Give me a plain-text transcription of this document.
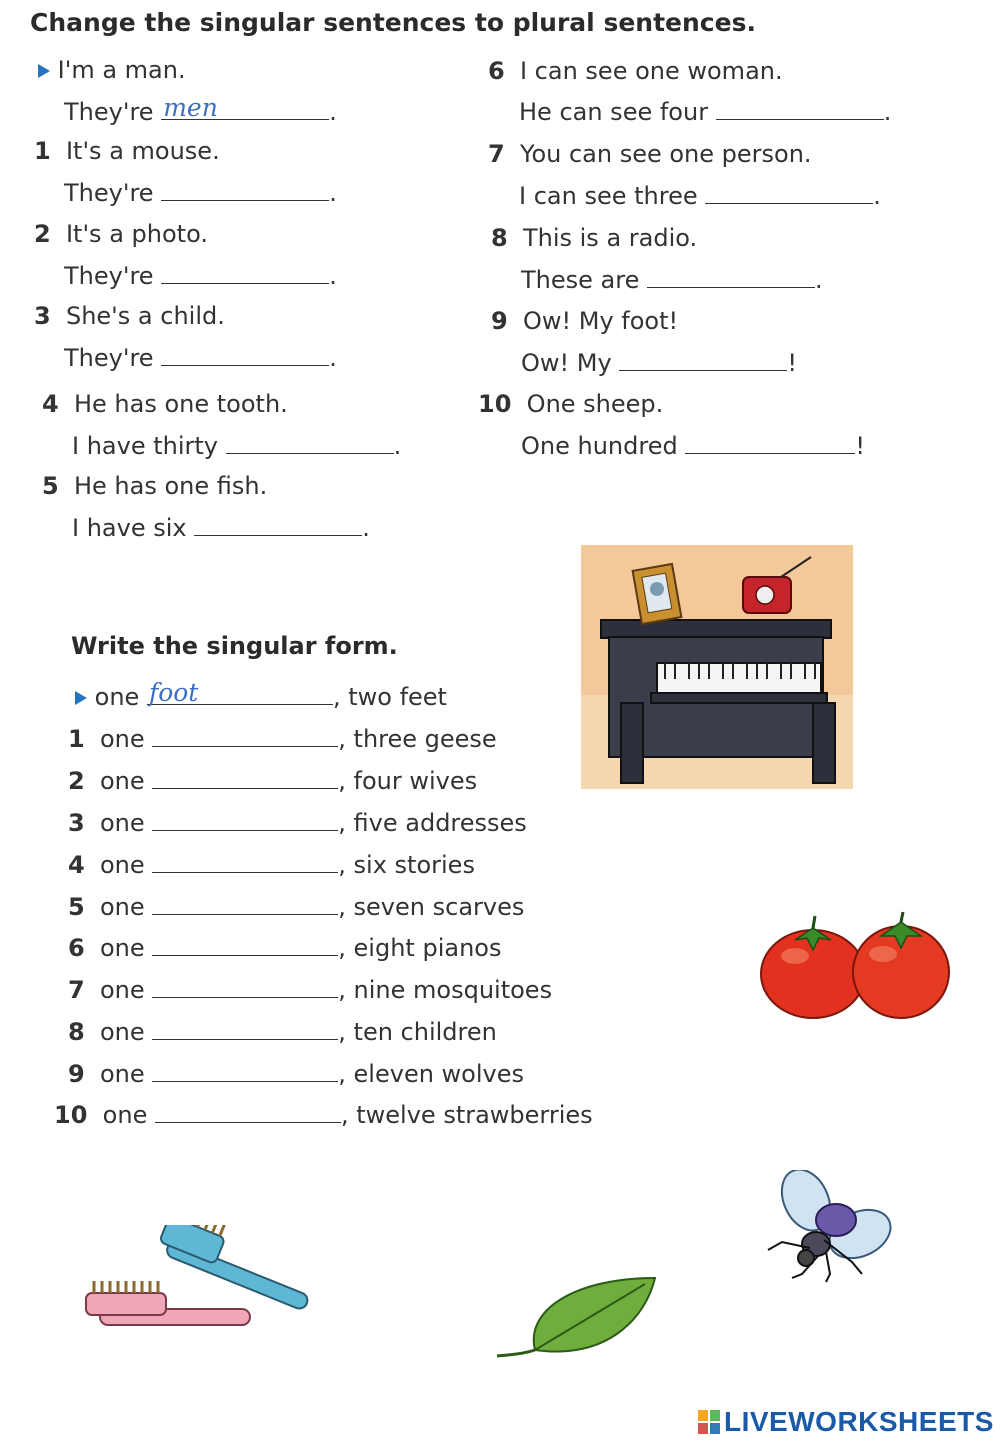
Change the singular sentences to plural sentences.
I'm a man.
They're men	.
1 It's a mouse.
They're	.
2 It's a photo.
They're	.
3 She's a child.
They're	.
4 He has one tooth.
I have thirty	.
5 He has one fish.
I have six	.
6 I can see one woman.
He can see four	.
7 You can see one person.
I can see three	.
8 This is a radio.
These are	.
9 Ow! My foot!
Ow! My	!
10 One sheep.
One hundred	!
Write the singular form.
one foot	, two feet
1 one	, three geese
2 one	, four wives
3 one	, five addresses
4 one	, six stories
5 one	, seven scarves
6 one	, eight pianos
7 one	, nine mosquitoes
8 one	, ten children
9 one	, eleven wolves
10 one	, twelve strawberries
LIVEWORKSHEETS
